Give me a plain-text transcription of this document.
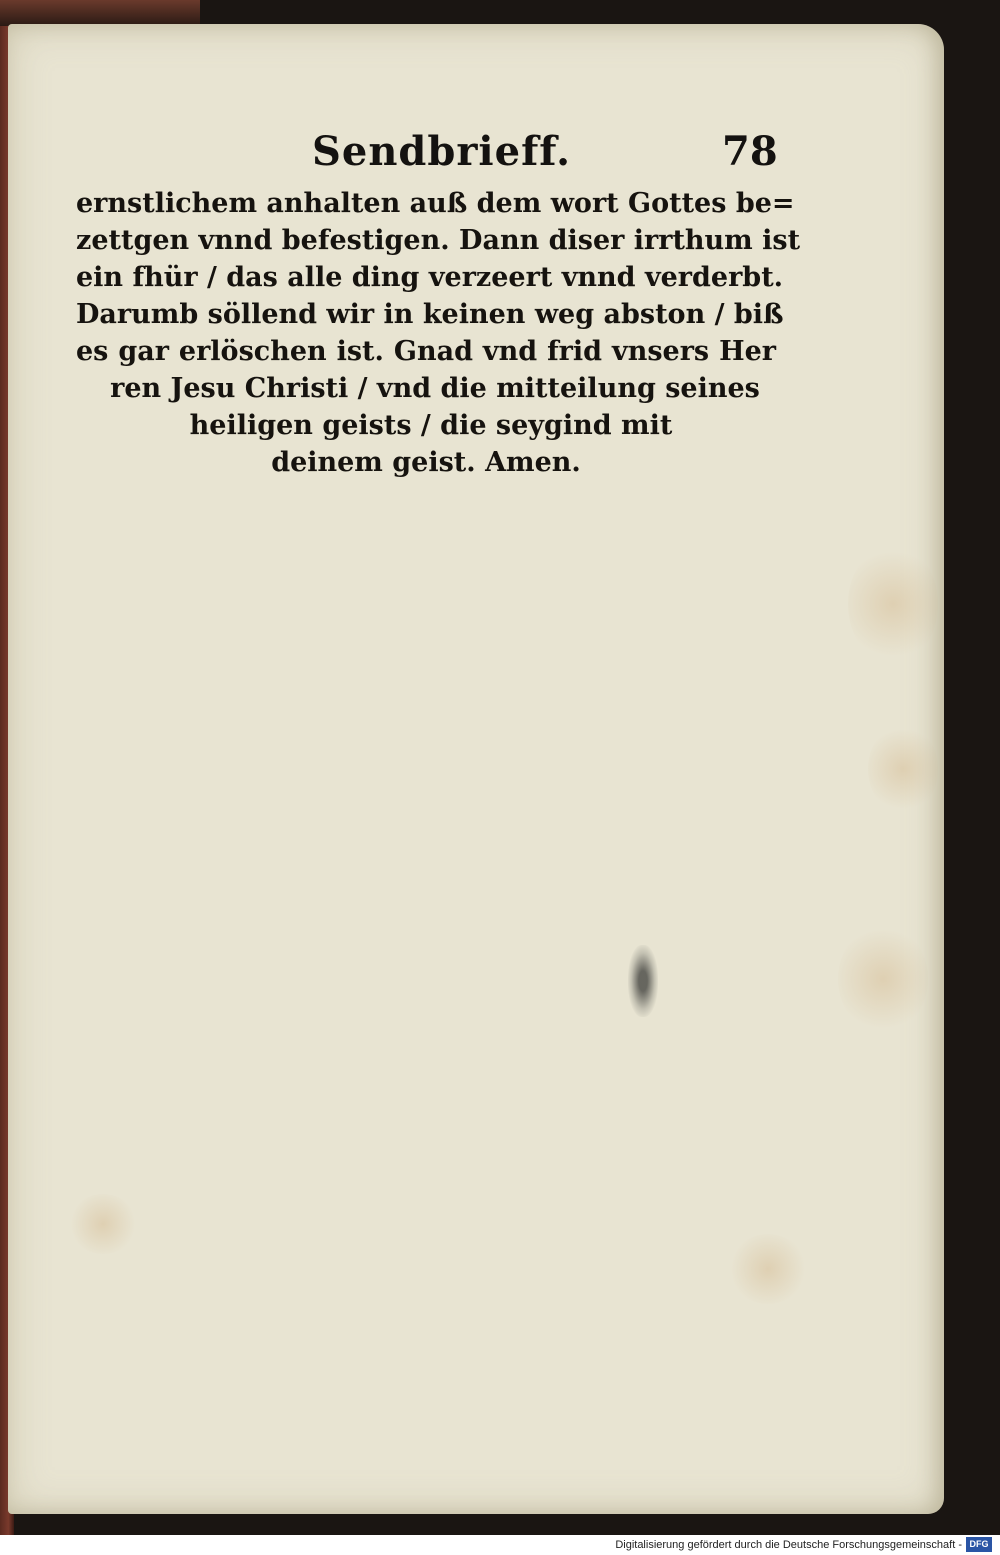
Sendbrieff.	78
ernstlichem anhalten auß dem wort Gottes be=
zettgen vnnd befestigen. Dann diser irrthum ist
ein fhür / das alle ding verzeert vnnd verderbt.
Darumb söllend wir in keinen weg abston / biß
es gar erlöschen ist. Gnad vnd frid vnsers Her
ren Jesu Christi / vnd die mitteilung seines
heiligen geists / die seygind mit
deinem geist. Amen.
Digitalisierung gefördert durch die Deutsche Forschungsgemeinschaft - DFG
